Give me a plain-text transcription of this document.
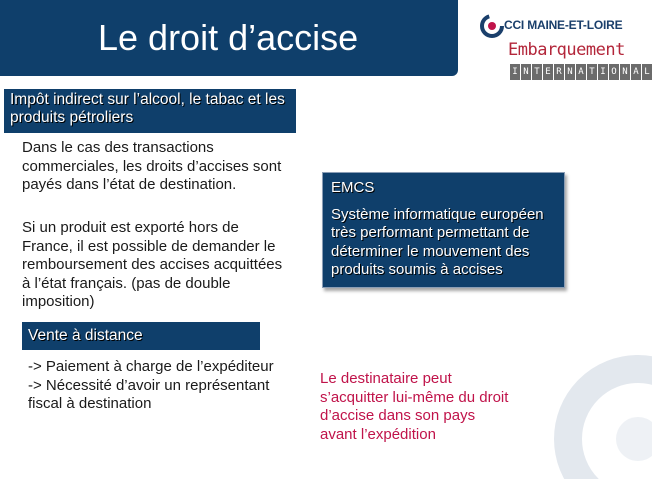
Le droit d’accise	CCI MAINE-ET-LOIRE
Embarquement
I N T E R N A T I O N A L
Impôt indirect sur l’alcool, le tabac et les produits pétroliers
Dans le cas des transactions commerciales, les droits d’accises sont payés dans l’état de destination.
Si un produit est exporté hors de France, il est possible de demander le remboursement des accises acquittées à l’état français. (pas de double imposition)
Vente à distance
-> Paiement à charge de l’expéditeur
-> Nécessité d’avoir un représentant fiscal à destination
EMCS
Système informatique européen très performant permettant de déterminer le mouvement des produits soumis à accises
Le destinataire peut s’acquitter lui-même du droit d’accise dans son pays avant l’expédition
